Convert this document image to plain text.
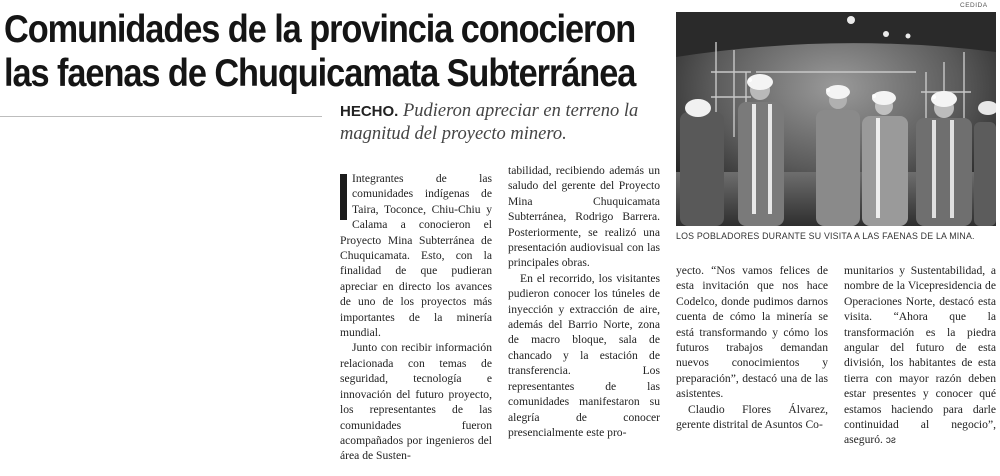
Comunidades de la provincia conocieron
las faenas de Chuquicamata Subterránea
HECHO. Pudieron apreciar en terreno la magnitud del proyecto minero.

Integrantes de las comunidades indígenas de Taira, Toconce, Chiu-Chiu y Calama a conocieron el Proyecto Mina Subterránea de Chuquicamata. Esto, con la finalidad de que pudieran apreciar en directo los avances de uno de los proyectos más importantes de la minería mundial.

Junto con recibir información relacionada con temas de seguridad, tecnología e innovación del futuro proyecto, los representantes de las comunidades fueron acompañados por ingenieros del área de Susten-

tabilidad, recibiendo además un saludo del gerente del Proyecto Mina Chuquicamata Subterránea, Rodrigo Barrera. Posteriormente, se realizó una presentación audiovisual con las principales obras.

En el recorrido, los visitantes pudieron conocer los túneles de inyección y extracción de aire, además del Barrio Norte, zona de macro bloque, sala de chancado y la estación de transferencia. Los representantes de las comunidades manifestaron su alegría de conocer presencialmente este pro-

CEDIDA
LOS POBLADORES DURANTE SU VISITA A LAS FAENAS DE LA MINA.

yecto. “Nos vamos felices de esta invitación que nos hace Codelco, donde pudimos darnos cuenta de cómo la minería se está transformando y cómo los futuros trabajos demandan nuevos conocimientos y preparación”, destacó una de las asistentes.

Claudio Flores Álvarez, gerente distrital de Asuntos Co-

munitarios y Sustentabilidad, a nombre de la Vicepresidencia de Operaciones Norte, destacó esta visita. “Ahora que la transformación es la piedra angular del futuro de esta división, los habitantes de esta tierra con mayor razón deben estar presentes y conocer qué estamos haciendo para darle continuidad al negocio”, aseguró. ↄƨ
